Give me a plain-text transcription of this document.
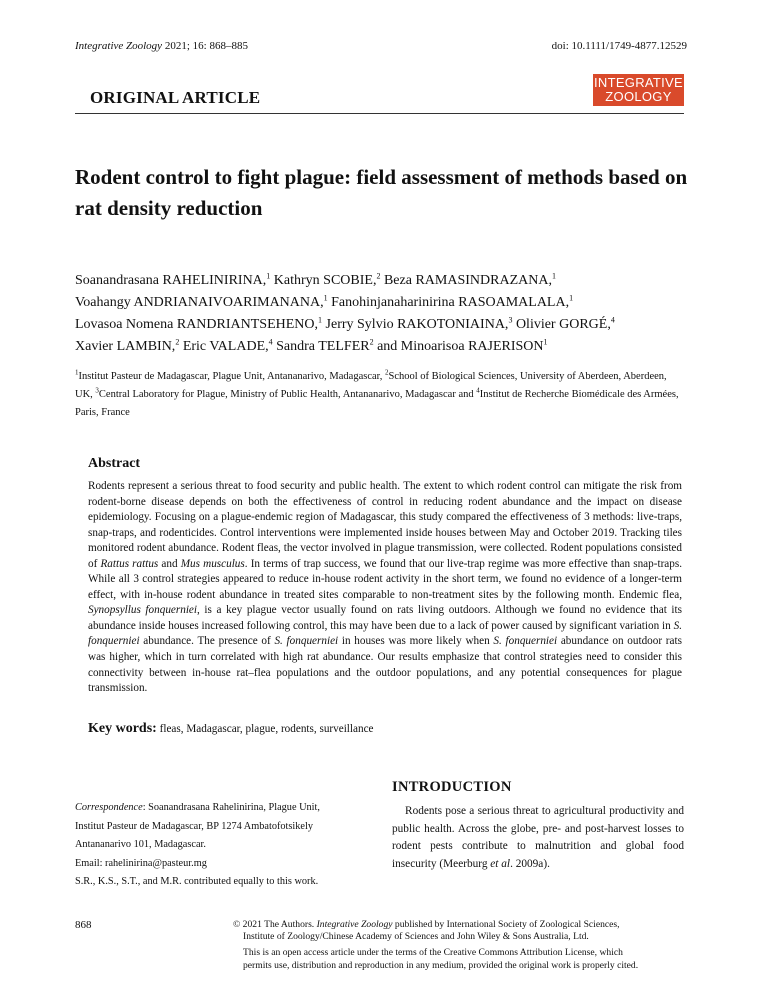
Integrative Zoology 2021; 16: 868–885	doi: 10.1111/1749-4877.12529
ORIGINAL ARTICLE
INTEGRATIVE
ZOOLOGY
Rodent control to fight plague: field assessment of methods based on rat density reduction
Soanandrasana RAHELINIRINA,$^1$ Kathryn SCOBIE,$^2$ Beza RAMASINDRAZANA,$^1$
Voahangy ANDRIANAIVOARIMANANA,$^1$ Fanohinjanaharinirina RASOAMALALA,$^1$
Lovasoa Nomena RANDRIANTSEHENO,$^1$ Jerry Sylvio RAKOTONIAINA,$^3$ Olivier GORGÉ,$^4$
Xavier LAMBIN,$^2$ Eric VALADE,$^4$ Sandra TELFER$^2$ and Minoarisoa RAJERISON$^1$
$^1$Institut Pasteur de Madagascar, Plague Unit, Antananarivo, Madagascar, $^2$School of Biological Sciences, University of Aberdeen, Aberdeen, UK, $^3$Central Laboratory for Plague, Ministry of Public Health, Antananarivo, Madagascar and $^4$Institut de Recherche Biomédicale des Armées, Paris, France
Abstract
Rodents represent a serious threat to food security and public health. The extent to which rodent control can mitigate the risk from rodent-borne disease depends on both the effectiveness of control in reducing rodent abundance and the impact on disease epidemiology. Focusing on a plague-endemic region of Madagascar, this study compared the effectiveness of 3 methods: live-traps, snap-traps, and rodenticides. Control interventions were implemented inside houses between May and October 2019. Tracking tiles monitored rodent abundance. Rodent fleas, the vector involved in plague transmission, were collected. Rodent populations consisted of Rattus rattus and Mus musculus. In terms of trap success, we found that our live-trap regime was more effective than snap-traps. While all 3 control strategies appeared to reduce in-house rodent activity in the short term, we found no evidence of a longer-term effect, with in-house rodent abundance in treated sites comparable to non-treatment sites by the following month. Endemic flea, Synopsyllus fonquerniei, is a key plague vector usually found on rats living outdoors. Although we found no evidence that its abundance inside houses increased following control, this may have been due to a lack of power caused by significant variation in S. fonquerniei abundance. The presence of S. fonquerniei in houses was more likely when S. fonquerniei abundance on outdoor rats was higher, which in turn correlated with high rat abundance. Our results emphasize that control strategies need to consider this connectivity between in-house rat–flea populations and the outdoor populations, and any potential consequences for plague transmission.
Key words: fleas, Madagascar, plague, rodents, surveillance
Correspondence: Soanandrasana Rahelinirina, Plague Unit,
Institut Pasteur de Madagascar, BP 1274 Ambatofotsikely
Antananarivo 101, Madagascar.
Email: rahelinirina@pasteur.mg
S.R., K.S., S.T., and M.R. contributed equally to this work.
INTRODUCTION
Rodents pose a serious threat to agricultural productivity and public health. Across the globe, pre- and post-harvest losses to rodent pests contribute to malnutrition and global food insecurity (Meerburg et al. 2009a).
868	© 2021 The Authors. Integrative Zoology published by International Society of Zoological Sciences,

Institute of Zoology/Chinese Academy of Sciences and John Wiley & Sons Australia, Ltd.

This is an open access article under the terms of the Creative Commons Attribution License, which

permits use, distribution and reproduction in any medium, provided the original work is properly cited.
